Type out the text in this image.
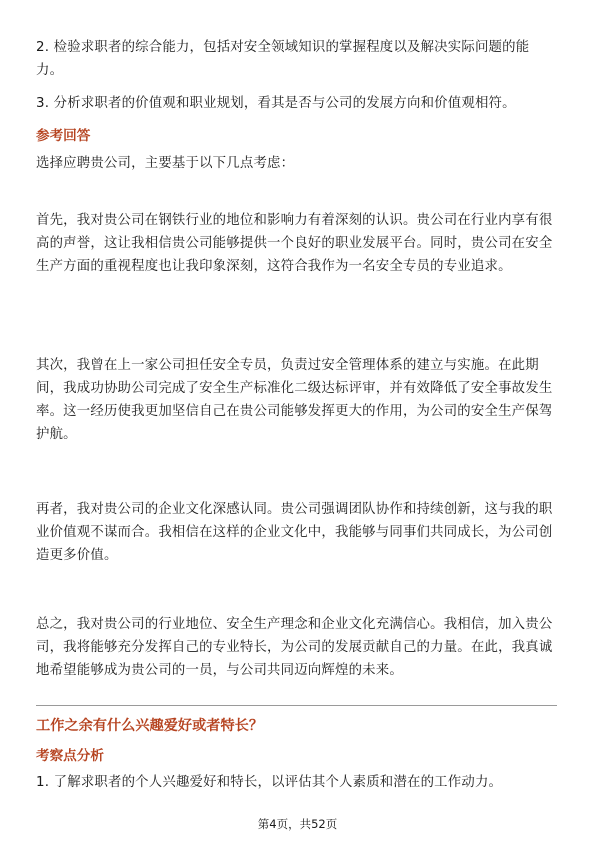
2. 检验求职者的综合能力，包括对安全领域知识的掌握程度以及解决实际问题的能力。
3. 分析求职者的价值观和职业规划，看其是否与公司的发展方向和价值观相符。
参考回答
选择应聘贵公司，主要基于以下几点考虑：
首先，我对贵公司在钢铁行业的地位和影响力有着深刻的认识。贵公司在行业内享有很高的声誉，这让我相信贵公司能够提供一个良好的职业发展平台。同时，贵公司在安全生产方面的重视程度也让我印象深刻，这符合我作为一名安全专员的专业追求。
其次，我曾在上一家公司担任安全专员，负责过安全管理体系的建立与实施。在此期间，我成功协助公司完成了安全生产标准化二级达标评审，并有效降低了安全事故发生率。这一经历使我更加坚信自己在贵公司能够发挥更大的作用，为公司的安全生产保驾护航。
再者，我对贵公司的企业文化深感认同。贵公司强调团队协作和持续创新，这与我的职业价值观不谋而合。我相信在这样的企业文化中，我能够与同事们共同成长，为公司创造更多价值。
总之，我对贵公司的行业地位、安全生产理念和企业文化充满信心。我相信，加入贵公司，我将能够充分发挥自己的专业特长，为公司的发展贡献自己的力量。在此，我真诚地希望能够成为贵公司的一员，与公司共同迈向辉煌的未来。
工作之余有什么兴趣爱好或者特长？
考察点分析
1. 了解求职者的个人兴趣爱好和特长，以评估其个人素质和潜在的工作动力。
第4页，共52页
